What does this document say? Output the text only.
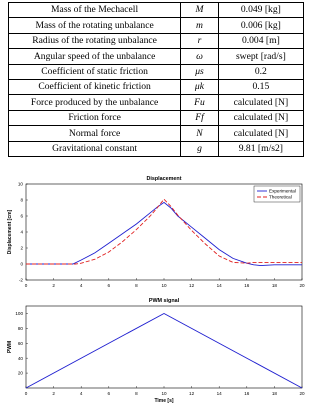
Mass of the Mechacell	M	0.049 [kg]
Mass of the rotating unbalance	m	0.006 [kg]
Radius of the rotating unbalance	r	0.004 [m]
Angular speed of the unbalance	ω	swept [rad/s]
Coefficient of static friction	μs	0.2
Coefficient of kinetic friction	μk	0.15
Force produced by the unbalance	Fu	calculated [N]
Friction force	Ff	calculated [N]
Normal force	N	calculated [N]
Gravitational constant	g	9.81 [m/s2]
Displacement
0	2	4	6	8	10	12	14	16	18	20
-2
0
2
4
6
8
10
Displacement [cm]
Experimental
Theoretical
PWM signal
0	2	4	6	8	10	12	14	16	18	20
20
40
60
80
100
Time [s]
PWM
